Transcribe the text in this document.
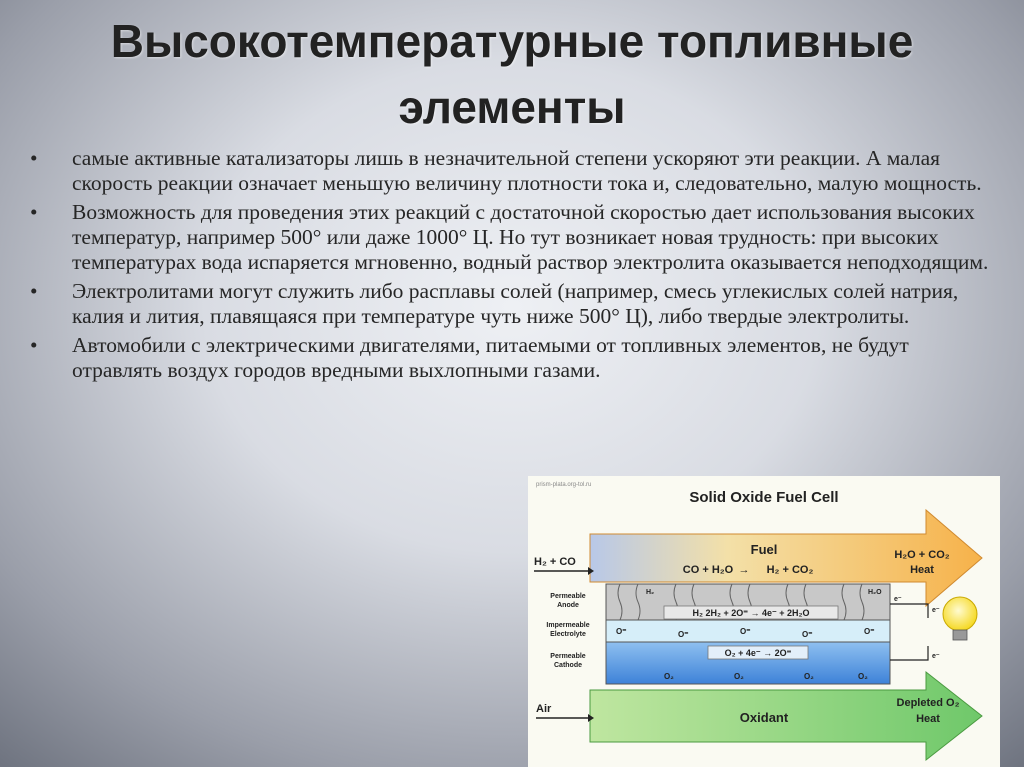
Высокотемпературные топливные элементы
• самые активные катализаторы лишь в незначительной степени ускоряют эти реакции. А малая скорость реакции означает меньшую величину плотности тока и, следовательно, малую мощность.
• Возможность для проведения этих реакций с достаточной скоростью дает использования высоких температур, например 500° или даже 1000° Ц. Но тут возникает новая трудность: при высоких температурах вода испаряется мгновенно, водный раствор электролита оказывается неподходящим.
• Электролитами могут служить либо расплавы солей (например, смесь углекислых солей натрия, калия и лития, плавящаяся при температуре чуть ниже 500° Ц), либо твердые электролиты.
• Автомобили с электрическими двигателями, питаемыми от топливных элементов, не будут отравлять воздух городов вредными выхлопными газами.
prism-plata.org-tol.ru
Solid Oxide Fuel Cell
H₂ + CO
Fuel
CO + H₂O → H₂ + CO₂
H₂O + CO₂
Heat
Permeable
Anode
Impermeable
Electrolyte
Permeable
Cathode
H₂ 2H₂ + 2O⁼ → 4e⁻ + 2H₂O
H₂	H₂O
O⁼	O⁼	O⁼	O⁼	O⁼
O₂ + 4e⁻ → 2O⁼
O₂	O₂	O₂	O₂
e⁻
e⁻
e⁻
Air
Oxidant
Depleted O₂
Heat
